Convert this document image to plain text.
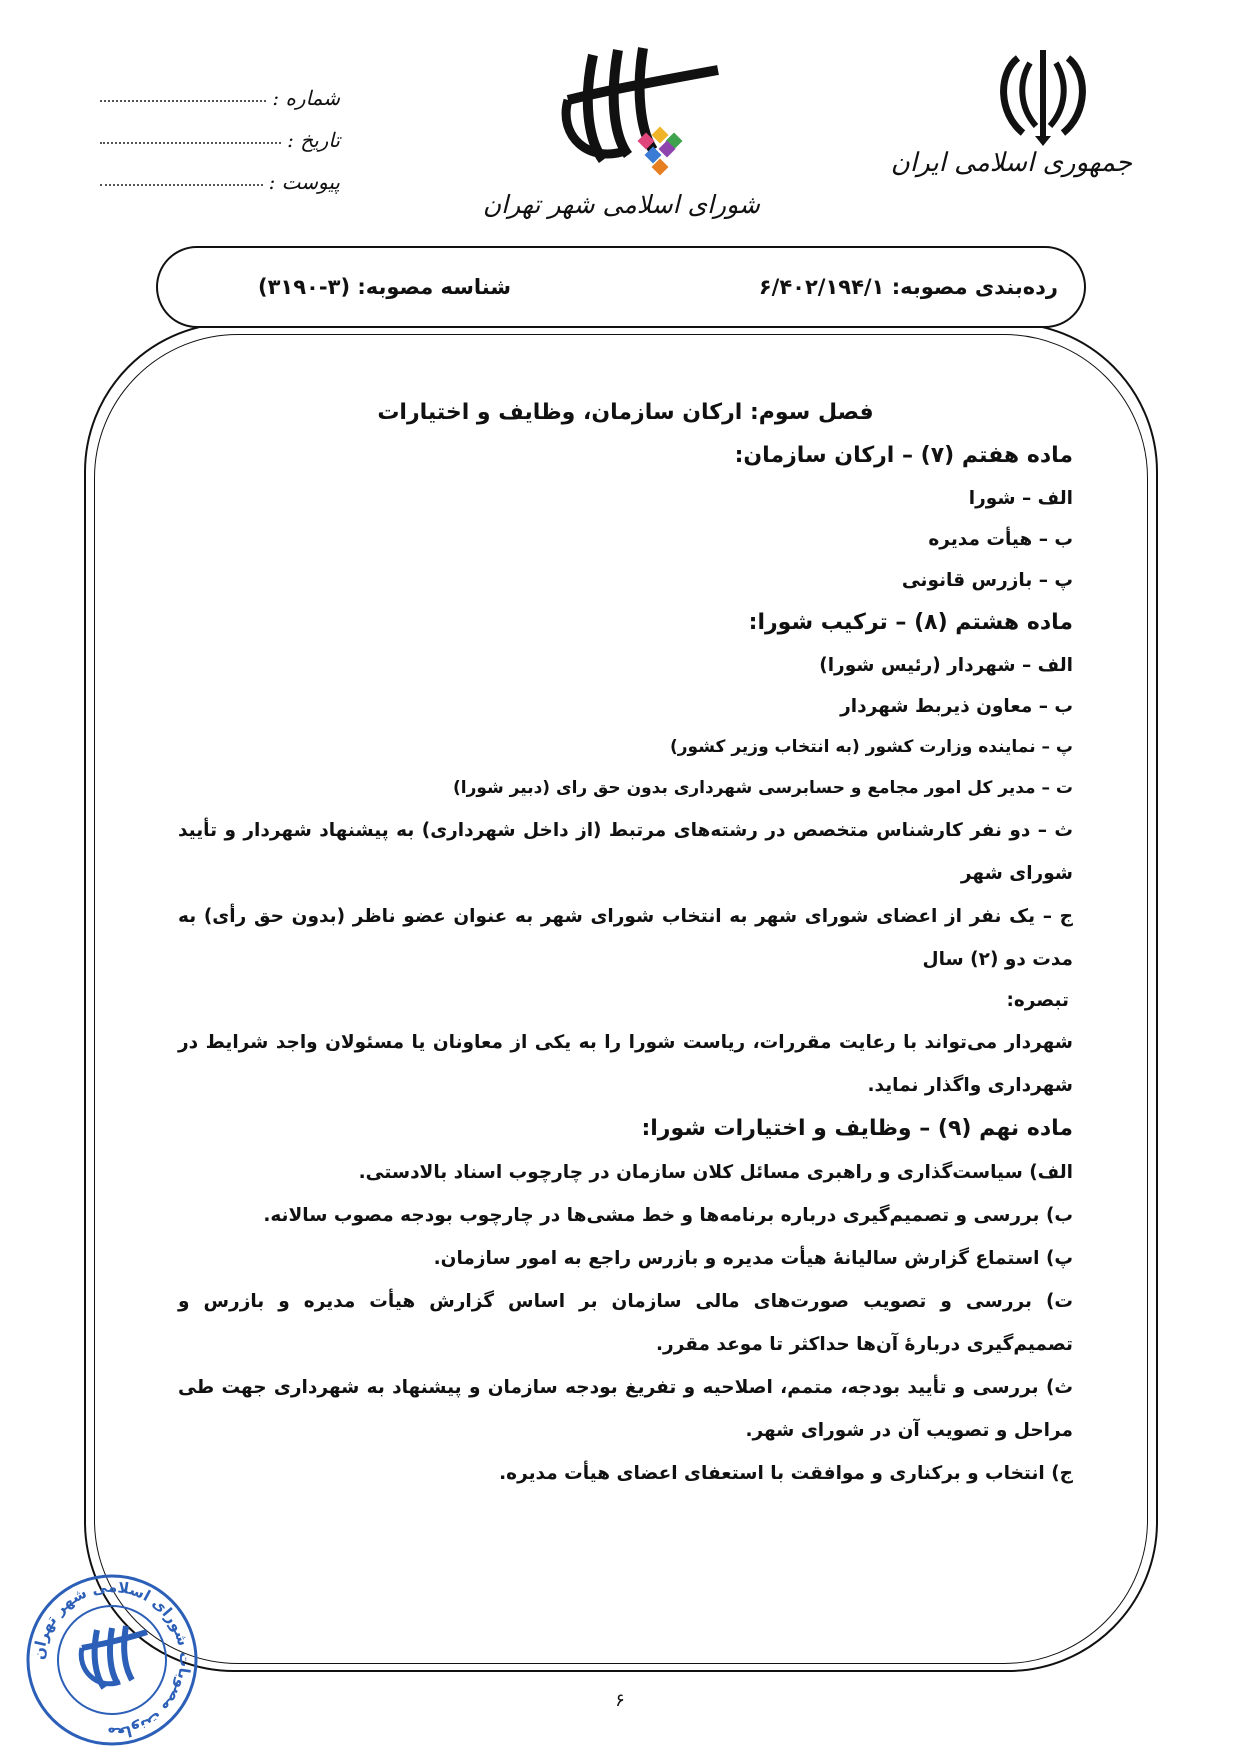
جمهوری اسلامی ایران
شورای اسلامی شهر تهران
شماره :
تاریخ :
پیوست :
شناسه مصوبه: (۳-۳۱۹۰)	رده‌بندی مصوبه: ۶/۴۰۲/۱۹۴/۱
فصل سوم: ارکان سازمان، وظایف و اختیارات
ماده هفتم (۷) – ارکان سازمان:
الف – شورا
ب – هیأت مدیره
پ – بازرس قانونی
ماده هشتم (۸) – ترکیب شورا:
الف – شهردار (رئیس شورا)
ب – معاون ذیربط شهردار
پ – نماینده وزارت کشور (به انتخاب وزیر کشور)
ت – مدیر کل امور مجامع و حسابرسی شهرداری بدون حق رای (دبیر شورا)
ث – دو نفر کارشناس متخصص در رشته‌های مرتبط (از داخل شهرداری) به پیشنهاد شهردار و تأیید شورای شهر
ج – یک نفر از اعضای شورای شهر به انتخاب شورای شهر به عنوان عضو ناظر (بدون حق رأی) به مدت دو (۲) سال
تبصره:
شهردار می‌تواند با رعایت مقررات، ریاست شورا را به یکی از معاونان یا مسئولان واجد شرایط در شهرداری واگذار نماید.
ماده نهم (۹) – وظایف و اختیارات شورا:
الف) سیاست‌گذاری و راهبری مسائل کلان سازمان در چارچوب اسناد بالادستی.
ب) بررسی و تصمیم‌گیری درباره برنامه‌ها و خط مشی‌ها در چارچوب بودجه مصوب سالانه.
پ) استماع گزارش سالیانهٔ هیأت مدیره و بازرس راجع به امور سازمان.
ت) بررسی و تصویب صورت‌های مالی سازمان بر اساس گزارش هیأت مدیره و بازرس و تصمیم‌گیری دربارهٔ آن‌ها حداکثر تا موعد مقرر.
ث) بررسی و تأیید بودجه، متمم، اصلاحیه و تفریغ بودجه سازمان و پیشنهاد به شهرداری جهت طی مراحل و تصویب آن در شورای شهر.
ج) انتخاب و برکناری و موافقت با استعفای اعضای هیأت مدیره.
۶
معاونت مصوبات شورای اسلامی شهر تهران
